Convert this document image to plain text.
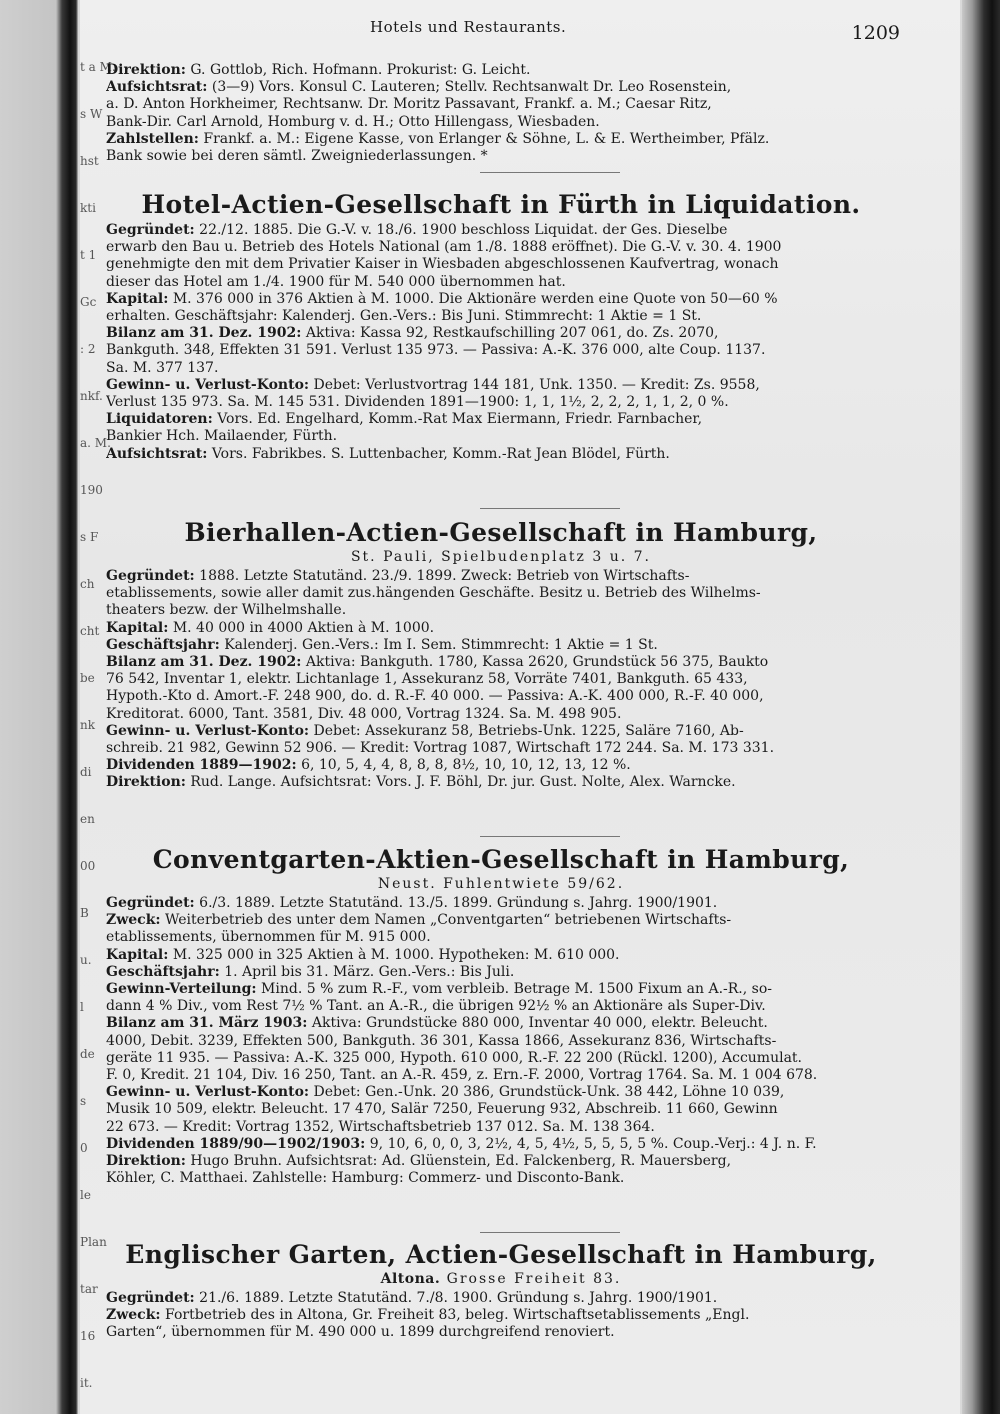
t a M.
s W
hst
kti
t 1
Gc
: 2
nkf.
a. M.
190
s F
ch
cht
be
nk
di
en
00
B
u.
l
de
s
0
le
Plan
tar
16
it.
Hotels und Restaurants.	1209
Direktion: G. Gottlob, Rich. Hofmann. Prokurist: G. Leicht.
Aufsichtsrat: (3—9) Vors. Konsul C. Lauteren; Stellv. Rechtsanwalt Dr. Leo Rosenstein,
a. D. Anton Horkheimer, Rechtsanw. Dr. Moritz Passavant, Frankf. a. M.; Caesar Ritz,
Bank-Dir. Carl Arnold, Homburg v. d. H.; Otto Hillengass, Wiesbaden.
Zahlstellen: Frankf. a. M.: Eigene Kasse, von Erlanger & Söhne, L. & E. Wertheimber, Pfälz.
Bank sowie bei deren sämtl. Zweigniederlassungen. *
Hotel-Actien-Gesellschaft in Fürth in Liquidation.
Gegründet: 22./12. 1885. Die G.-V. v. 18./6. 1900 beschloss Liquidat. der Ges. Dieselbe
erwarb den Bau u. Betrieb des Hotels National (am 1./8. 1888 eröffnet). Die G.-V. v. 30. 4. 1900
genehmigte den mit dem Privatier Kaiser in Wiesbaden abgeschlossenen Kaufvertrag, wonach
dieser das Hotel am 1./4. 1900 für M. 540 000 übernommen hat.
Kapital: M. 376 000 in 376 Aktien à M. 1000. Die Aktionäre werden eine Quote von 50—60 %
erhalten. Geschäftsjahr: Kalenderj. Gen.-Vers.: Bis Juni. Stimmrecht: 1 Aktie = 1 St.
Bilanz am 31. Dez. 1902: Aktiva: Kassa 92, Restkaufschilling 207 061, do. Zs. 2070,
Bankguth. 348, Effekten 31 591. Verlust 135 973. — Passiva: A.-K. 376 000, alte Coup. 1137.
Sa. M. 377 137.
Gewinn- u. Verlust-Konto: Debet: Verlustvortrag 144 181, Unk. 1350. — Kredit: Zs. 9558,
Verlust 135 973. Sa. M. 145 531. Dividenden 1891—1900: 1, 1, 1½, 2, 2, 2, 1, 1, 2, 0 %.
Liquidatoren: Vors. Ed. Engelhard, Komm.-Rat Max Eiermann, Friedr. Farnbacher,
Bankier Hch. Mailaender, Fürth.
Aufsichtsrat: Vors. Fabrikbes. S. Luttenbacher, Komm.-Rat Jean Blödel, Fürth.
Bierhallen-Actien-Gesellschaft in Hamburg,
St. Pauli, Spielbudenplatz 3 u. 7.
Gegründet: 1888. Letzte Statutänd. 23./9. 1899. Zweck: Betrieb von Wirtschafts-
etablissements, sowie aller damit zus.hängenden Geschäfte. Besitz u. Betrieb des Wilhelms-
theaters bezw. der Wilhelmshalle.
Kapital: M. 40 000 in 4000 Aktien à M. 1000.
Geschäftsjahr: Kalenderj. Gen.-Vers.: Im I. Sem. Stimmrecht: 1 Aktie = 1 St.
Bilanz am 31. Dez. 1902: Aktiva: Bankguth. 1780, Kassa 2620, Grundstück 56 375, Baukto
76 542, Inventar 1, elektr. Lichtanlage 1, Assekuranz 58, Vorräte 7401, Bankguth. 65 433,
Hypoth.-Kto d. Amort.-F. 248 900, do. d. R.-F. 40 000. — Passiva: A.-K. 400 000, R.-F. 40 000,
Kreditorat. 6000, Tant. 3581, Div. 48 000, Vortrag 1324. Sa. M. 498 905.
Gewinn- u. Verlust-Konto: Debet: Assekuranz 58, Betriebs-Unk. 1225, Saläre 7160, Ab-
schreib. 21 982, Gewinn 52 906. — Kredit: Vortrag 1087, Wirtschaft 172 244. Sa. M. 173 331.
Dividenden 1889—1902: 6, 10, 5, 4, 4, 8, 8, 8, 8½, 10, 10, 12, 13, 12 %.
Direktion: Rud. Lange. Aufsichtsrat: Vors. J. F. Böhl, Dr. jur. Gust. Nolte, Alex. Warncke.
Conventgarten-Aktien-Gesellschaft in Hamburg,
Neust. Fuhlentwiete 59/62.
Gegründet: 6./3. 1889. Letzte Statutänd. 13./5. 1899. Gründung s. Jahrg. 1900/1901.
Zweck: Weiterbetrieb des unter dem Namen „Conventgarten“ betriebenen Wirtschafts-
etablissements, übernommen für M. 915 000.
Kapital: M. 325 000 in 325 Aktien à M. 1000. Hypotheken: M. 610 000.
Geschäftsjahr: 1. April bis 31. März. Gen.-Vers.: Bis Juli.
Gewinn-Verteilung: Mind. 5 % zum R.-F., vom verbleib. Betrage M. 1500 Fixum an A.-R., so-
dann 4 % Div., vom Rest 7½ % Tant. an A.-R., die übrigen 92½ % an Aktionäre als Super-Div.
Bilanz am 31. März 1903: Aktiva: Grundstücke 880 000, Inventar 40 000, elektr. Beleucht.
4000, Debit. 3239, Effekten 500, Bankguth. 36 301, Kassa 1866, Assekuranz 836, Wirtschafts-
geräte 11 935. — Passiva: A.-K. 325 000, Hypoth. 610 000, R.-F. 22 200 (Rückl. 1200), Accumulat.
F. 0, Kredit. 21 104, Div. 16 250, Tant. an A.-R. 459, z. Ern.-F. 2000, Vortrag 1764. Sa. M. 1 004 678.
Gewinn- u. Verlust-Konto: Debet: Gen.-Unk. 20 386, Grundstück-Unk. 38 442, Löhne 10 039,
Musik 10 509, elektr. Beleucht. 17 470, Salär 7250, Feuerung 932, Abschreib. 11 660, Gewinn
22 673. — Kredit: Vortrag 1352, Wirtschaftsbetrieb 137 012. Sa. M. 138 364.
Dividenden 1889/90—1902/1903: 9, 10, 6, 0, 0, 3, 2½, 4, 5, 4½, 5, 5, 5, 5 %. Coup.-Verj.: 4 J. n. F.
Direktion: Hugo Bruhn. Aufsichtsrat: Ad. Glüenstein, Ed. Falckenberg, R. Mauersberg,
Köhler, C. Matthaei. Zahlstelle: Hamburg: Commerz- und Disconto-Bank.
Englischer Garten, Actien-Gesellschaft in Hamburg,
Altona. Grosse Freiheit 83.
Gegründet: 21./6. 1889. Letzte Statutänd. 7./8. 1900. Gründung s. Jahrg. 1900/1901.
Zweck: Fortbetrieb des in Altona, Gr. Freiheit 83, beleg. Wirtschaftsetablissements „Engl.
Garten“, übernommen für M. 490 000 u. 1899 durchgreifend renoviert.
